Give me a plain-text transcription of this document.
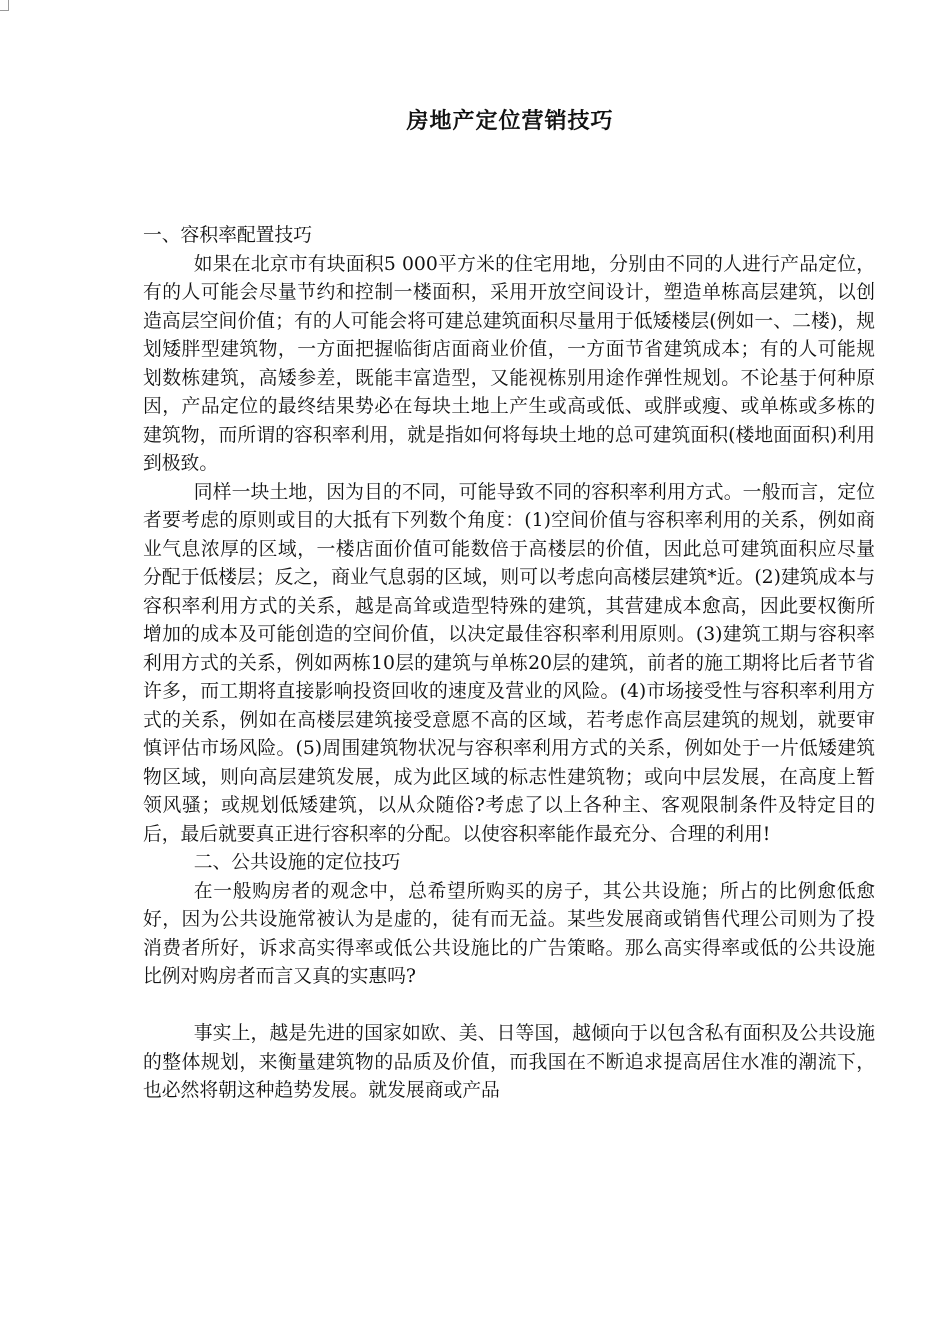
房地产定位营销技巧

一、容积率配置技巧

如果在北京市有块面积5 000平方米的住宅用地，分别由不同的人进行产品定位，有的人可能会尽量节约和控制一楼面积，采用开放空间设计，塑造单栋高层建筑，以创造高层空间价值；有的人可能会将可建总建筑面积尽量用于低矮楼层(例如一、二楼)，规划矮胖型建筑物，一方面把握临街店面商业价值，一方面节省建筑成本；有的人可能规划数栋建筑，高矮参差，既能丰富造型，又能视栋别用途作弹性规划。不论基于何种原因，产品定位的最终结果势必在每块土地上产生或高或低、或胖或瘦、或单栋或多栋的建筑物，而所谓的容积率利用，就是指如何将每块土地的总可建筑面积(楼地面面积)利用到极致。

同样一块土地，因为目的不同，可能导致不同的容积率利用方式。一般而言，定位者要考虑的原则或目的大抵有下列数个角度：(1)空间价值与容积率利用的关系，例如商业气息浓厚的区域，一楼店面价值可能数倍于高楼层的价值，因此总可建筑面积应尽量分配于低楼层；反之，商业气息弱的区域，则可以考虑向高楼层建筑*近。(2)建筑成本与容积率利用方式的关系，越是高耸或造型特殊的建筑，其营建成本愈高，因此要权衡所增加的成本及可能创造的空间价值，以决定最佳容积率利用原则。(3)建筑工期与容积率利用方式的关系，例如两栋10层的建筑与单栋20层的建筑，前者的施工期将比后者节省许多，而工期将直接影响投资回收的速度及营业的风险。(4)市场接受性与容积率利用方式的关系，例如在高楼层建筑接受意愿不高的区域，若考虑作高层建筑的规划，就要审慎评估市场风险。(5)周围建筑物状况与容积率利用方式的关系，例如处于一片低矮建筑物区域，则向高层建筑发展，成为此区域的标志性建筑物；或向中层发展，在高度上暂领风骚；或规划低矮建筑，以从众随俗?考虑了以上各种主、客观限制条件及特定目的后，最后就要真正进行容积率的分配。以使容积率能作最充分、合理的利用!

二、公共设施的定位技巧

在一般购房者的观念中，总希望所购买的房子，其公共设施；所占的比例愈低愈好，因为公共设施常被认为是虚的，徒有而无益。某些发展商或销售代理公司则为了投消费者所好，诉求高实得率或低公共设施比的广告策略。那么高实得率或低的公共设施比例对购房者而言又真的实惠吗?

事实上，越是先进的国家如欧、美、日等国，越倾向于以包含私有面积及公共设施的整体规划，来衡量建筑物的品质及价值，而我国在不断追求提高居住水准的潮流下，也必然将朝这种趋势发展。就发展商或产品
